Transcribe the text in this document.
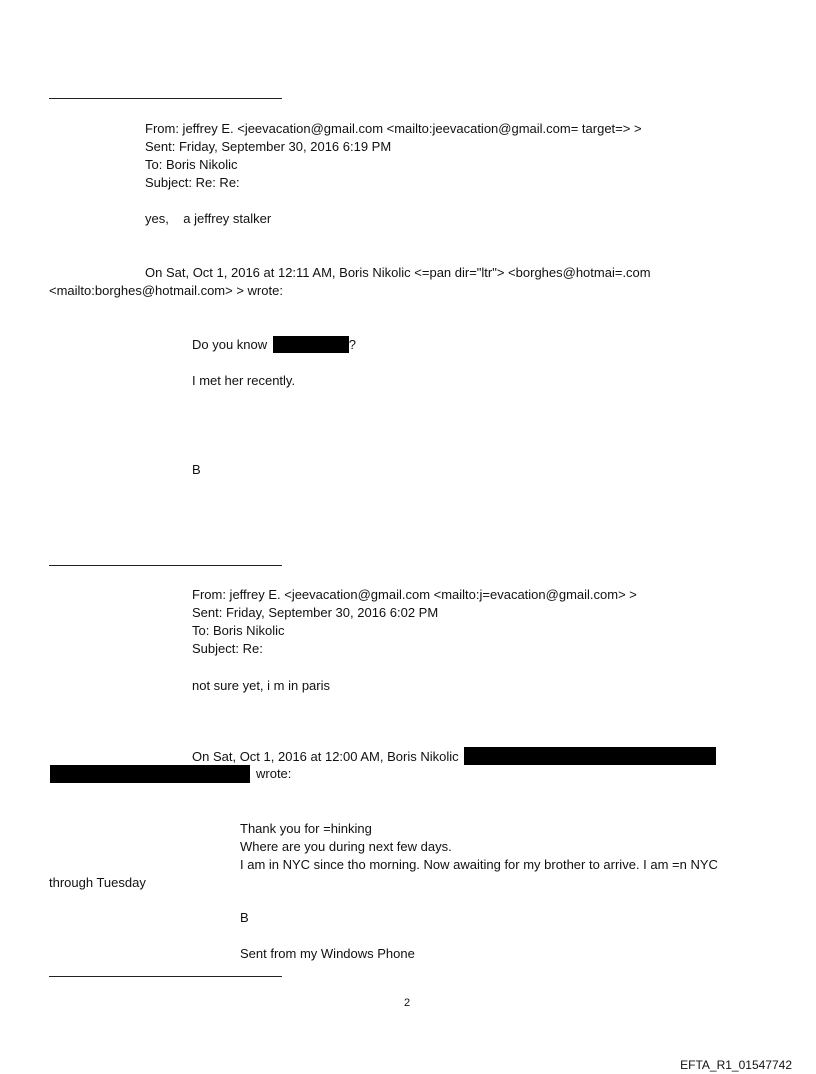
From: jeffrey E. <jeevacation@gmail.com <mailto:jeevacation@gmail.com= target=> >
Sent: Friday, September 30, 2016 6:19 PM
To: Boris Nikolic
Subject: Re: Re:
yes,    a jeffrey stalker
On Sat, Oct 1, 2016 at 12:11 AM, Boris Nikolic <=pan dir="ltr"> <borghes@hotmai=.com
<mailto:borghes@hotmail.com> > wrote:
Do you know	?
I met her recently.
B
From: jeffrey E. <jeevacation@gmail.com <mailto:j=evacation@gmail.com> >
Sent: Friday, September 30, 2016 6:02 PM
To: Boris Nikolic
Subject: Re:
not sure yet, i m in paris
On Sat, Oct 1, 2016 at 12:00 AM, Boris Nikolic
wrote:
Thank you for =hinking
Where are you during next few days.
I am in NYC since tho morning. Now awaiting for my brother to arrive. I am =n NYC
through Tuesday
B
Sent from my Windows Phone
2
EFTA_R1_01547742
